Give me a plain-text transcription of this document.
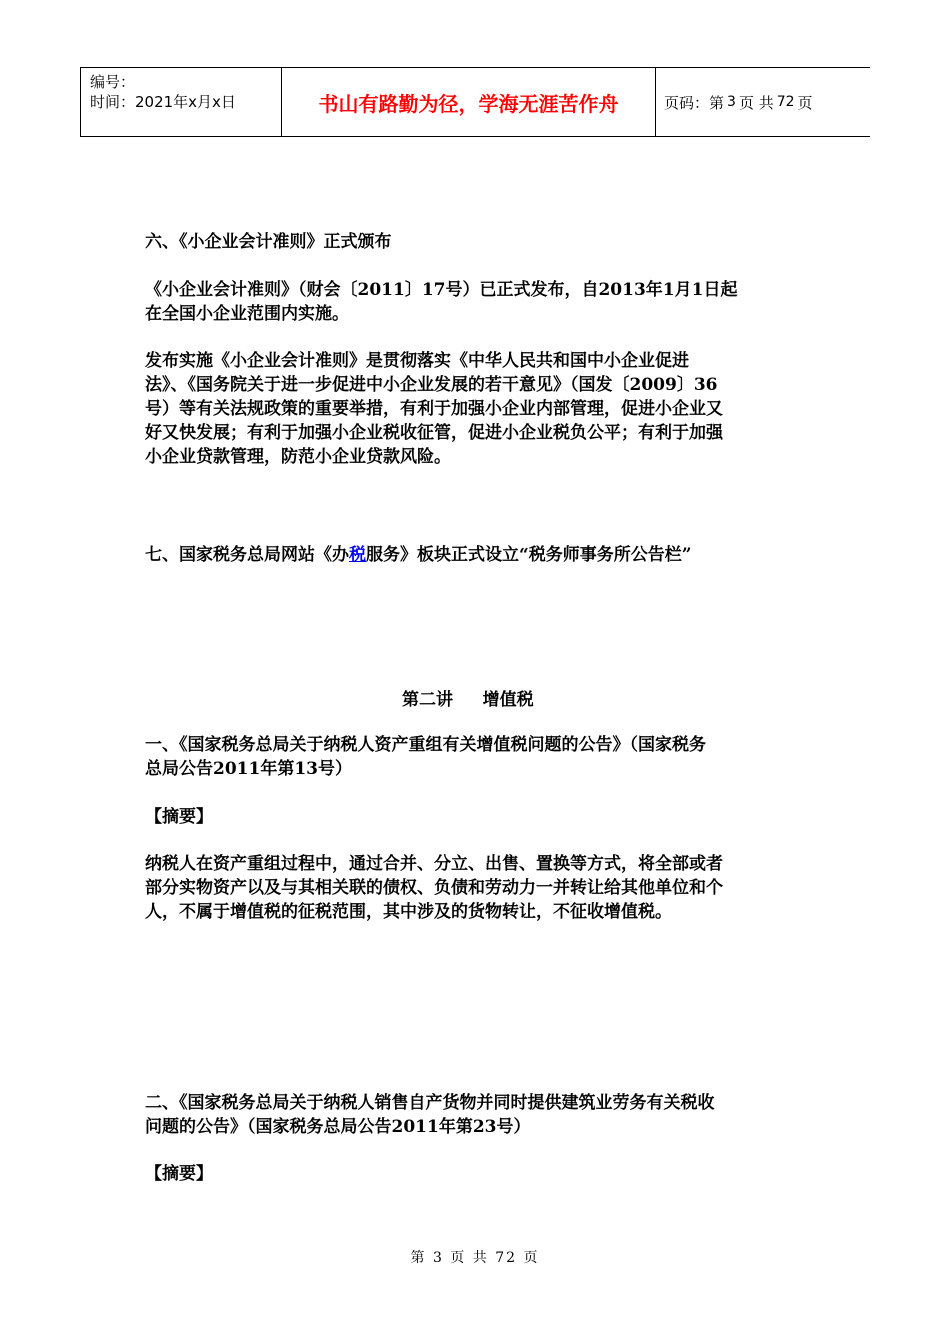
编号：
时间：2021年x月x日	书山有路勤为径，学海无涯苦作舟	页码：第 3 页 共 72 页
六、《小企业会计准则》正式颁布
《小企业会计准则》（财会〔2011〕17号）已正式发布，自2013年1月1日起
在全国小企业范围内实施。
发布实施《小企业会计准则》是贯彻落实《中华人民共和国中小企业促进
法》、《国务院关于进一步促进中小企业发展的若干意见》（国发〔2009〕36
号）等有关法规政策的重要举措，有利于加强小企业内部管理，促进小企业又
好又快发展；有利于加强小企业税收征管，促进小企业税负公平；有利于加强
小企业贷款管理，防范小企业贷款风险。
七、国家税务总局网站《办税服务》板块正式设立“税务师事务所公告栏”
第二讲     增值税
一、《国家税务总局关于纳税人资产重组有关增值税问题的公告》（国家税务
总局公告2011年第13号）
【摘要】
纳税人在资产重组过程中，通过合并、分立、出售、置换等方式，将全部或者
部分实物资产以及与其相关联的债权、负债和劳动力一并转让给其他单位和个
人，不属于增值税的征税范围，其中涉及的货物转让，不征收增值税。
二、《国家税务总局关于纳税人销售自产货物并同时提供建筑业劳务有关税收
问题的公告》（国家税务总局公告2011年第23号）
【摘要】
第 3 页 共 72 页
